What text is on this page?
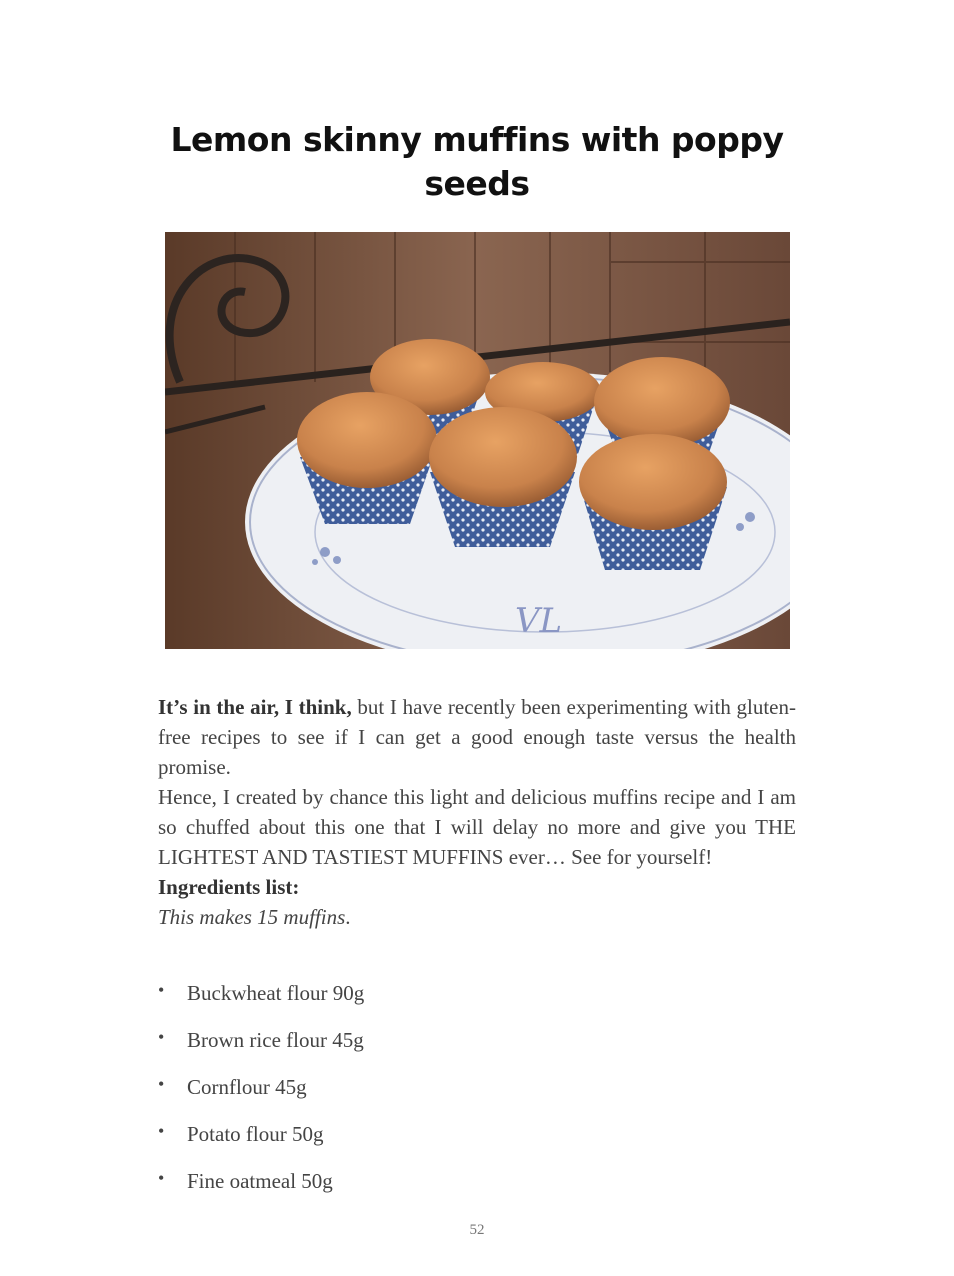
Lemon skinny muffins with poppy seeds
VL

It’s in the air, I think, but I have recently been experimenting with gluten-free recipes to see if I can get a good enough taste versus the health promise.

Hence, I created by chance this light and delicious muffins recipe and I am so chuffed about this one that I will delay no more and give you THE LIGHTEST AND TASTIEST MUFFINS ever… See for yourself!

Ingredients list:

This makes 15 muffins.

• Buckwheat flour 90g
• Brown rice flour 45g
• Cornflour 45g
• Potato flour 50g
• Fine oatmeal 50g
52
